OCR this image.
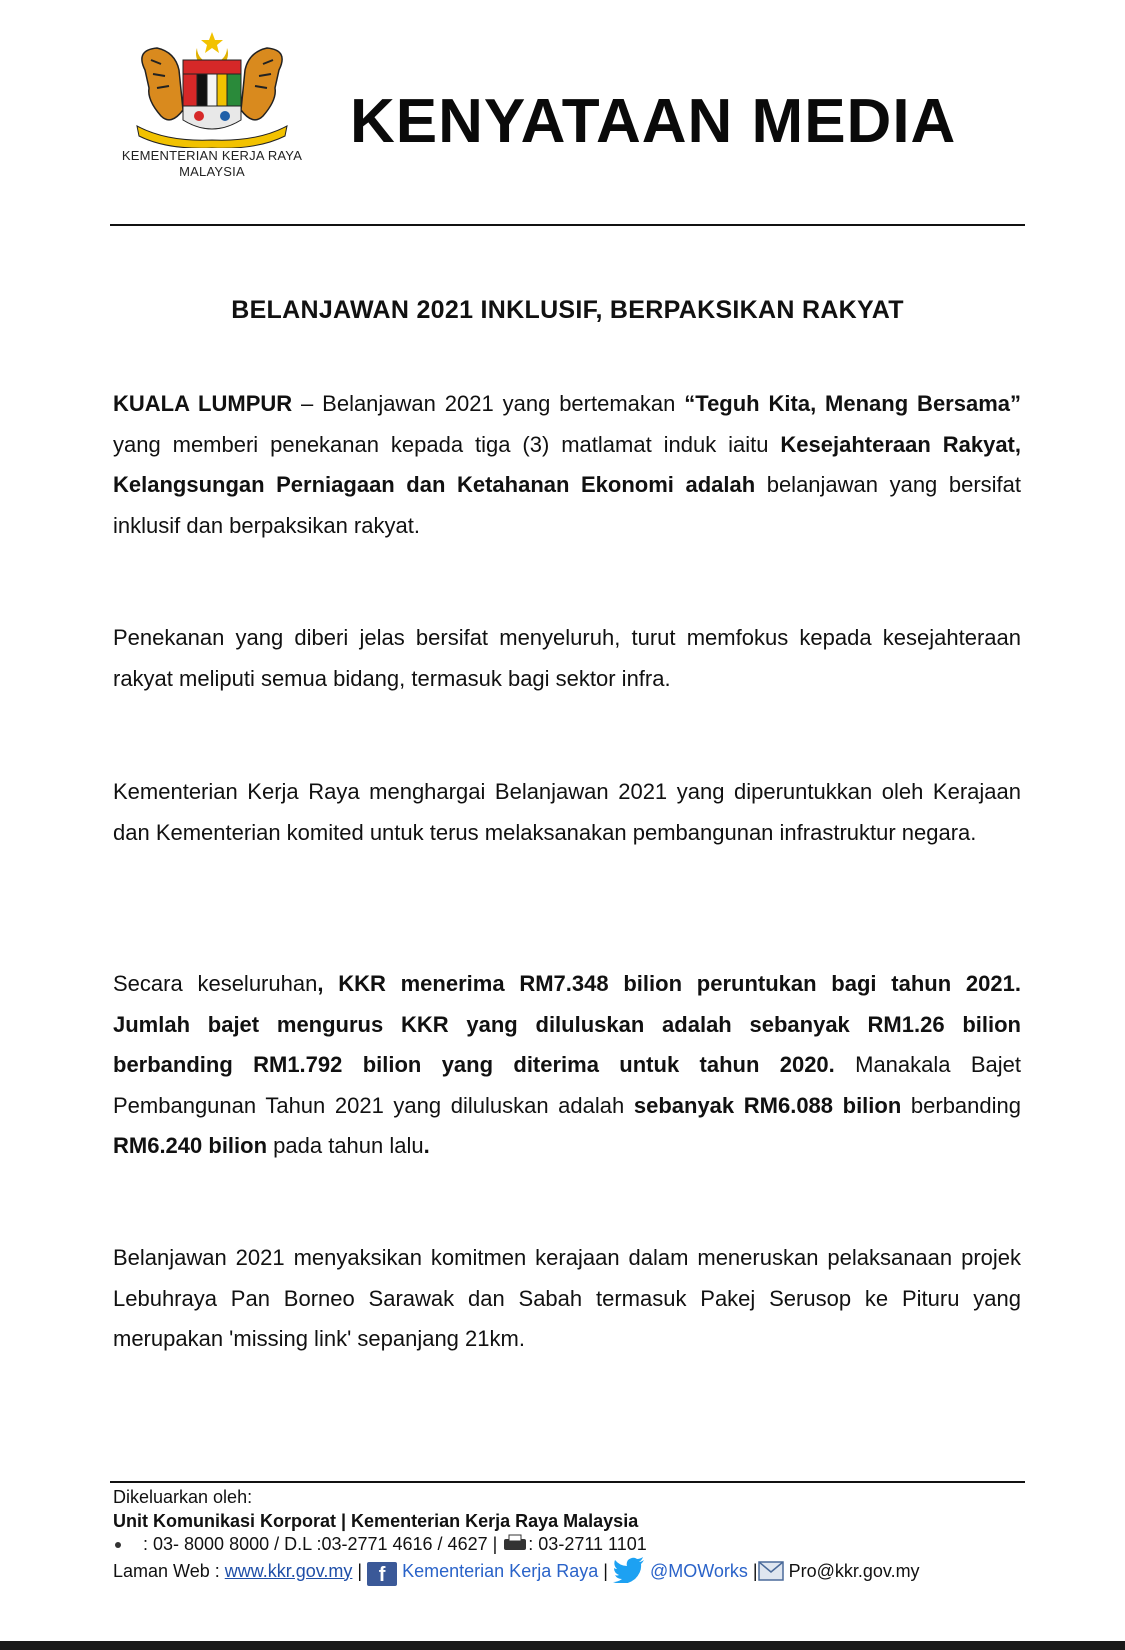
KEMENTERIAN KERJA RAYA
MALAYSIA
KENYATAAN MEDIA
BELANJAWAN 2021 INKLUSIF, BERPAKSIKAN RAKYAT
KUALA LUMPUR – Belanjawan 2021 yang bertemakan “Teguh Kita, Menang Bersama” yang memberi penekanan kepada tiga (3) matlamat induk iaitu Kesejahteraan Rakyat, Kelangsungan Perniagaan dan Ketahanan Ekonomi adalah belanjawan yang bersifat inklusif dan berpaksikan rakyat.
Penekanan yang diberi jelas bersifat menyeluruh, turut memfokus kepada kesejahteraan rakyat meliputi semua bidang, termasuk bagi sektor infra.
Kementerian Kerja Raya menghargai Belanjawan 2021 yang diperuntukkan oleh Kerajaan dan Kementerian komited untuk terus melaksanakan pembangunan infrastruktur negara.
Secara keseluruhan, KKR menerima RM7.348 bilion peruntukan bagi tahun 2021. Jumlah bajet mengurus KKR yang diluluskan adalah sebanyak RM1.26 bilion berbanding RM1.792 bilion yang diterima untuk tahun 2020. Manakala Bajet Pembangunan Tahun 2021 yang diluluskan adalah sebanyak RM6.088 bilion berbanding RM6.240 bilion pada tahun lalu.
Belanjawan 2021 menyaksikan komitmen kerajaan dalam meneruskan pelaksanaan projek Lebuhraya Pan Borneo Sarawak dan Sabah termasuk Pakej Serusop ke Pituru yang merupakan 'missing link' sepanjang 21km.
Dikeluarkan oleh:
Unit Komunikasi Korporat | Kementerian Kerja Raya Malaysia
: 03- 8000 8000 / D.L :03-2771 4616 / 4627 | : 03-2711 1101
Laman Web : www.kkr.gov.my | f Kementerian Kerja Raya |  @MOWorks | Pro@kkr.gov.my
